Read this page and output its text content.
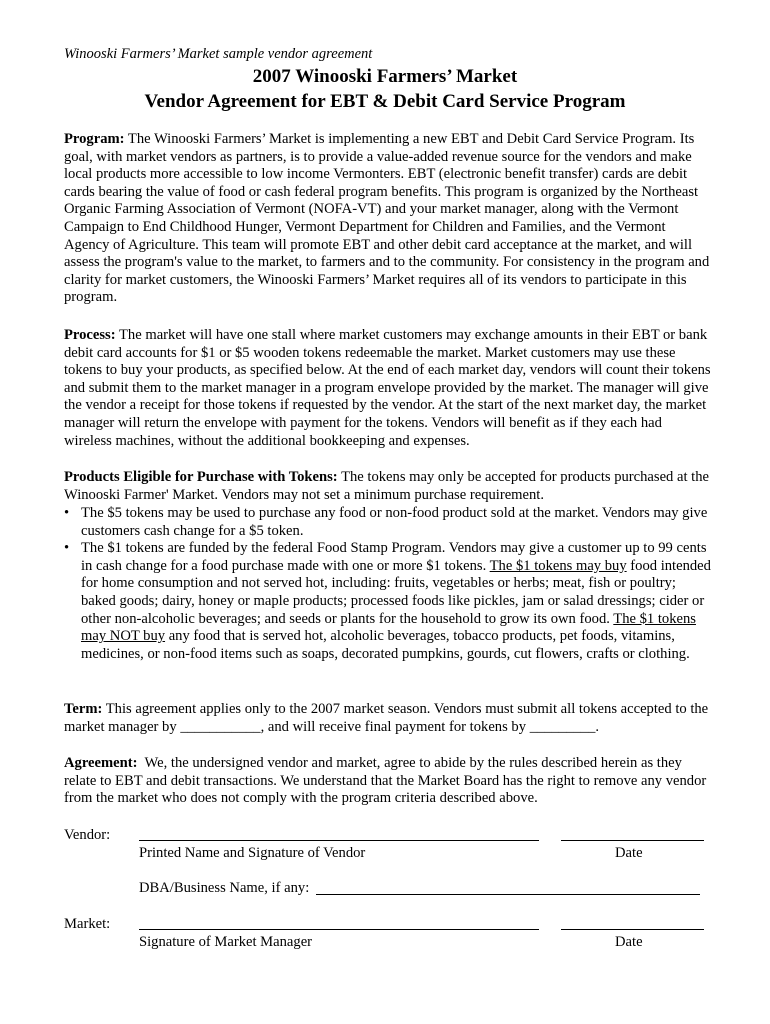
Winooski Farmers’ Market sample vendor agreement
2007 Winooski Farmers’ Market
Vendor Agreement for EBT & Debit Card Service Program
Program: The Winooski Farmers’ Market is implementing a new EBT and Debit Card Service Program. Its goal, with market vendors as partners, is to provide a value-added revenue source for the vendors and make local products more accessible to low income Vermonters. EBT (electronic benefit transfer) cards are debit cards bearing the value of food or cash federal program benefits. This program is organized by the Northeast Organic Farming Association of Vermont (NOFA-VT) and your market manager, along with the Vermont Campaign to End Childhood Hunger, Vermont Department for Children and Families, and the Vermont Agency of Agriculture. This team will promote EBT and other debit card acceptance at the market, and will assess the program's value to the market, to farmers and to the community. For consistency in the program and clarity for market customers, the Winooski Farmers’ Market requires all of its vendors to participate in this program.
Process: The market will have one stall where market customers may exchange amounts in their EBT or bank debit card accounts for $1 or $5 wooden tokens redeemable the market. Market customers may use these tokens to buy your products, as specified below. At the end of each market day, vendors will count their tokens and submit them to the market manager in a program envelope provided by the market. The manager will give the vendor a receipt for those tokens if requested by the vendor. At the start of the next market day, the market manager will return the envelope with payment for the tokens. Vendors will benefit as if they each had wireless machines, without the additional bookkeeping and expenses.
Products Eligible for Purchase with Tokens: The tokens may only be accepted for products purchased at the Winooski Farmer' Market. Vendors may not set a minimum purchase requirement.
• The $5 tokens may be used to purchase any food or non-food product sold at the market. Vendors may give customers cash change for a $5 token.
• The $1 tokens are funded by the federal Food Stamp Program. Vendors may give a customer up to 99 cents in cash change for a food purchase made with one or more $1 tokens. The $1 tokens may buy food intended for home consumption and not served hot, including: fruits, vegetables or herbs; meat, fish or poultry; baked goods; dairy, honey or maple products; processed foods like pickles, jam or salad dressings; cider or other non-alcoholic beverages; and seeds or plants for the household to grow its own food. The $1 tokens may NOT buy any food that is served hot, alcoholic beverages, tobacco products, pet foods, vitamins, medicines, or non-food items such as soaps, decorated pumpkins, gourds, cut flowers, crafts or clothing.
Term: This agreement applies only to the 2007 market season. Vendors must submit all tokens accepted to the market manager by ___________, and will receive final payment for tokens by _________.
Agreement: We, the undersigned vendor and market, agree to abide by the rules described herein as they relate to EBT and debit transactions. We understand that the Market Board has the right to remove any vendor from the market who does not comply with the program criteria described above.
Vendor:
Printed Name and Signature of Vendor	Date
DBA/Business Name, if any:
Market:
Signature of Market Manager	Date
